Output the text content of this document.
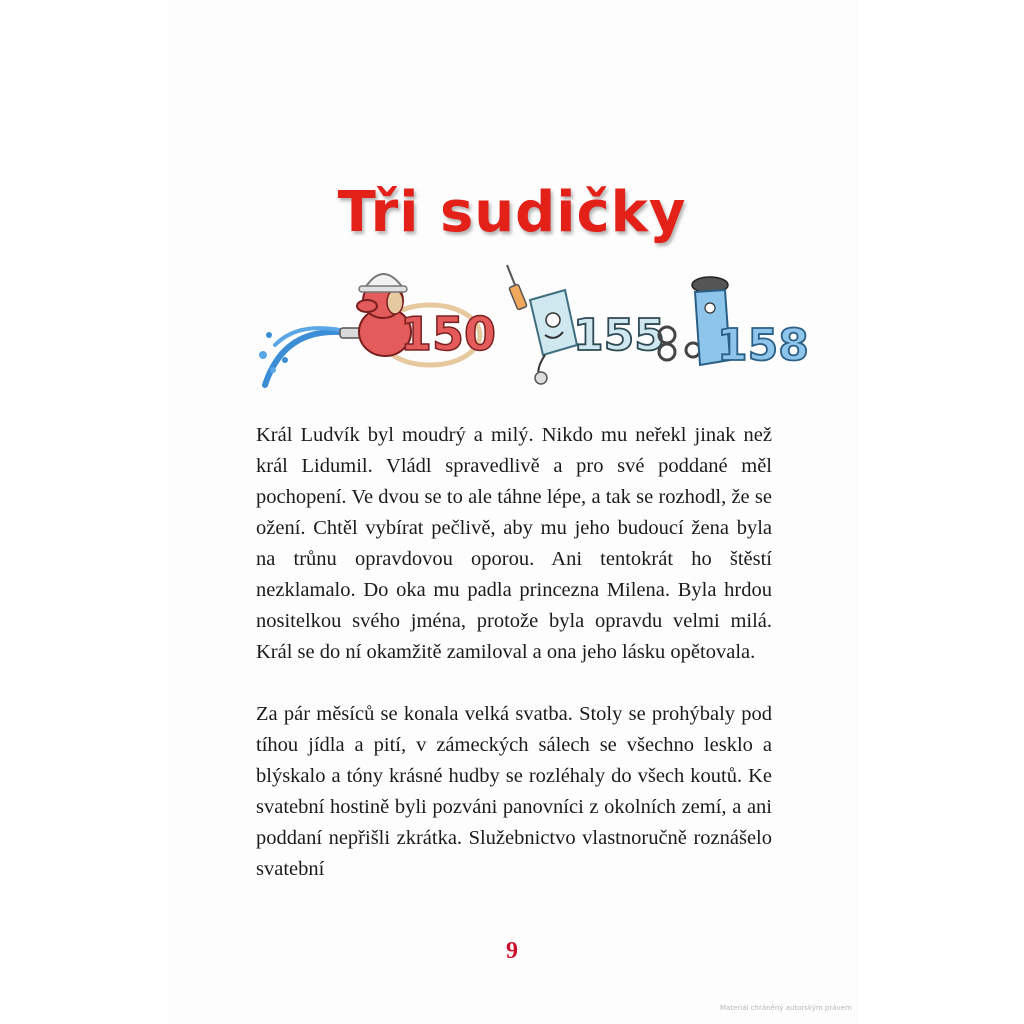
Tři sudičky
150 155 158

Král Ludvík byl moudrý a milý. Nikdo mu neřekl jinak než král Lidumil. Vládl spravedlivě a pro své poddané měl pochopení. Ve dvou se to ale táhne lépe, a tak se rozhodl, že se ožení. Chtěl vybírat pečlivě, aby mu jeho budoucí žena byla na trůnu opravdovou oporou. Ani tentokrát ho štěstí nezklamalo. Do oka mu padla princezna Milena. Byla hrdou nositelkou svého jména, protože byla opravdu velmi milá. Král se do ní okamžitě zamiloval a ona jeho lásku opětovala.

Za pár měsíců se konala velká svatba. Stoly se prohýbaly pod tíhou jídla a pití, v zámeckých sálech se všechno lesklo a blýskalo a tóny krásné hudby se rozléhaly do všech koutů. Ke svatební hostině byli pozváni panovníci z okolních zemí, a ani poddaní nepřišli zkrátka. Služebnictvo vlastnoručně roznášelo svatební

9
Materiál chráněný autorským právem
